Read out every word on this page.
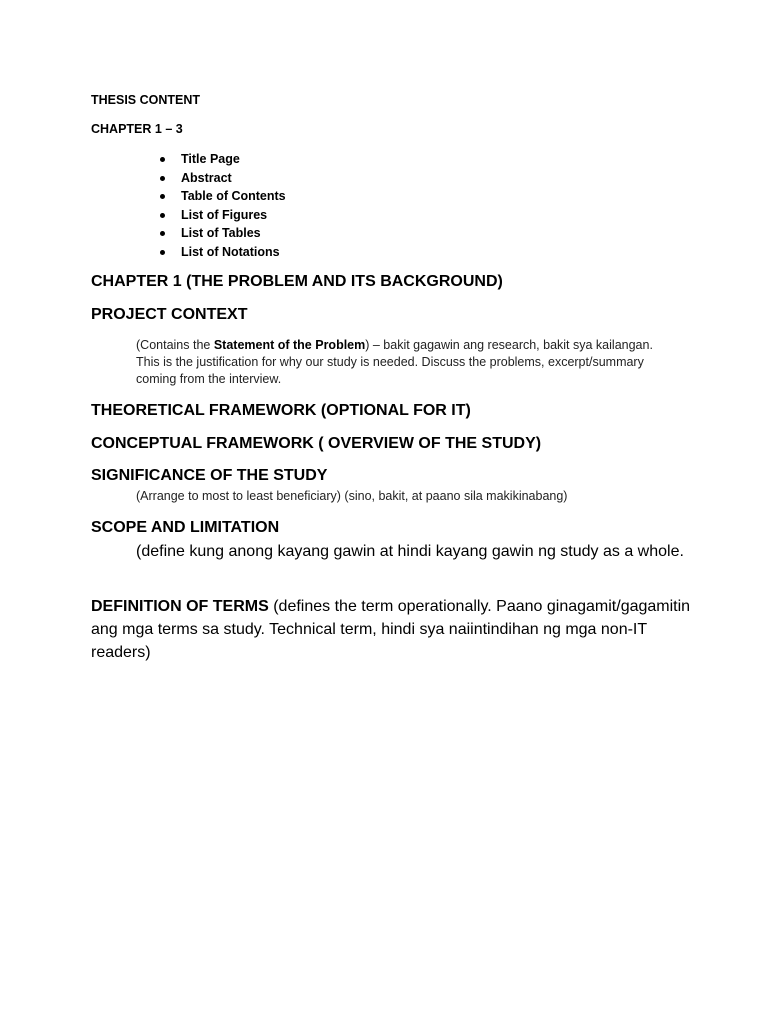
THESIS CONTENT
CHAPTER 1 – 3
Title Page
Abstract
Table of Contents
List of Figures
List of Tables
List of Notations
CHAPTER 1 (THE PROBLEM AND ITS BACKGROUND)
PROJECT CONTEXT
(Contains the Statement of the Problem) – bakit gagawin ang research, bakit sya kailangan. This is the justification for why our study is needed. Discuss the problems, excerpt/summary coming from the interview.
THEORETICAL FRAMEWORK (OPTIONAL FOR IT)
CONCEPTUAL FRAMEWORK ( OVERVIEW OF THE STUDY)
SIGNIFICANCE OF THE STUDY
(Arrange to most to least beneficiary) (sino, bakit, at paano sila makikinabang)
SCOPE AND LIMITATION
(define kung anong kayang gawin at hindi kayang gawin ng study as a whole.
DEFINITION OF TERMS (defines the term operationally. Paano ginagamit/gagamitin ang mga terms sa study. Technical term, hindi sya naiintindihan ng mga non-IT readers)
